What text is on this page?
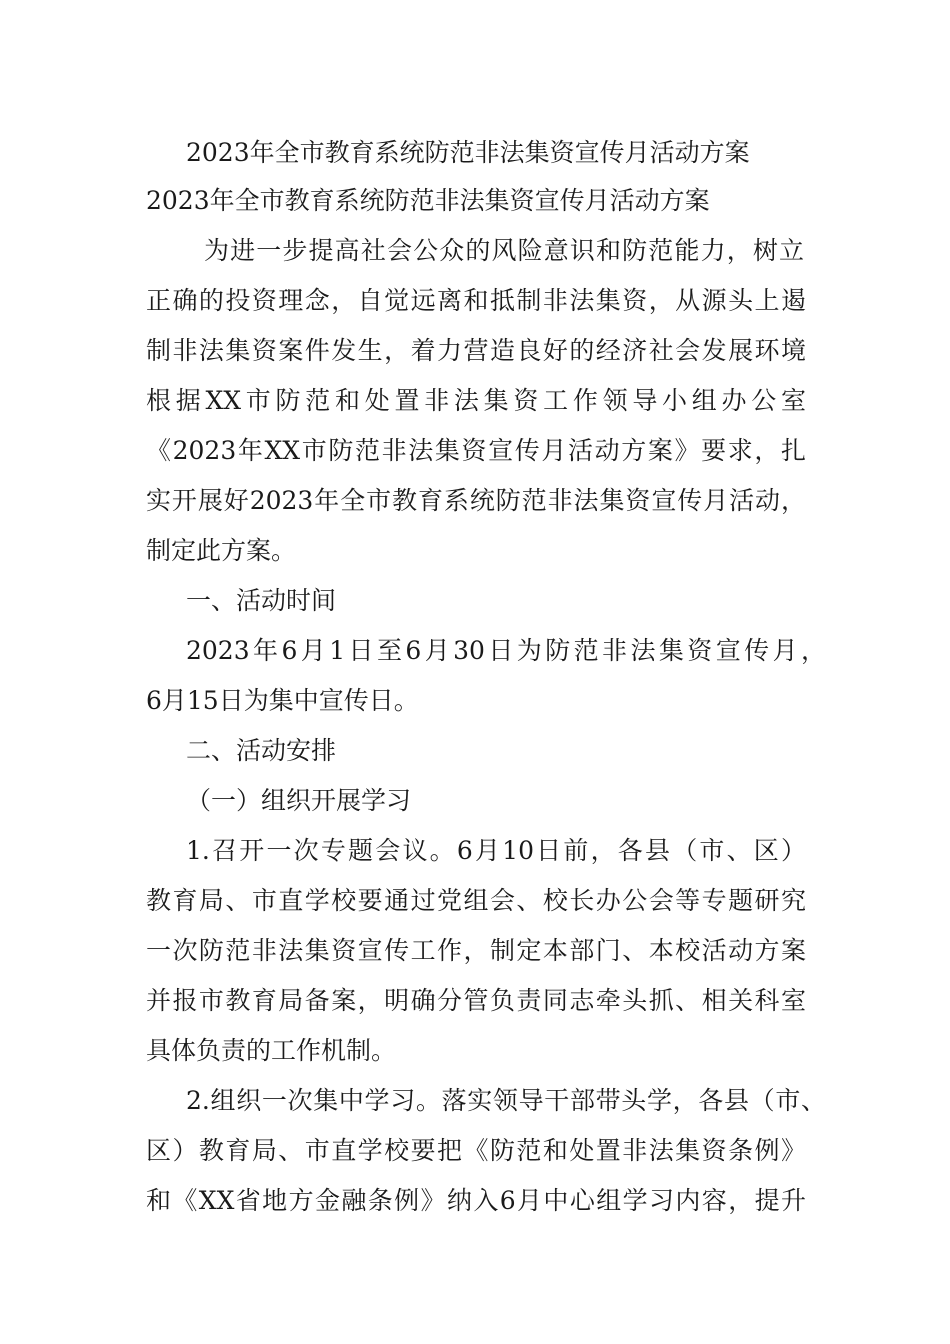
2023年全市教育系统防范非法集资宣传月活动方案
2023年全市教育系统防范非法集资宣传月活动方案
为进一步提高社会公众的风险意识和防范能力，树立
正确的投资理念，自觉远离和抵制非法集资，从源头上遏
制非法集资案件发生，着力营造良好的经济社会发展环境
根据XX市防范和处置非法集资工作领导小组办公室
《2023年XX市防范非法集资宣传月活动方案》要求，扎
实开展好2023年全市教育系统防范非法集资宣传月活动，
制定此方案。
一、活动时间
2023年6月1日至6月30日为防范非法集资宣传月，
6月15日为集中宣传日。
二、活动安排
（一）组织开展学习
1.召开一次专题会议。6月10日前，各县（市、区）
教育局、市直学校要通过党组会、校长办公会等专题研究
一次防范非法集资宣传工作，制定本部门、本校活动方案
并报市教育局备案，明确分管负责同志牵头抓、相关科室
具体负责的工作机制。
2.组织一次集中学习。落实领导干部带头学，各县（市、
区）教育局、市直学校要把《防范和处置非法集资条例》
和《XX省地方金融条例》纳入6月中心组学习内容，提升
